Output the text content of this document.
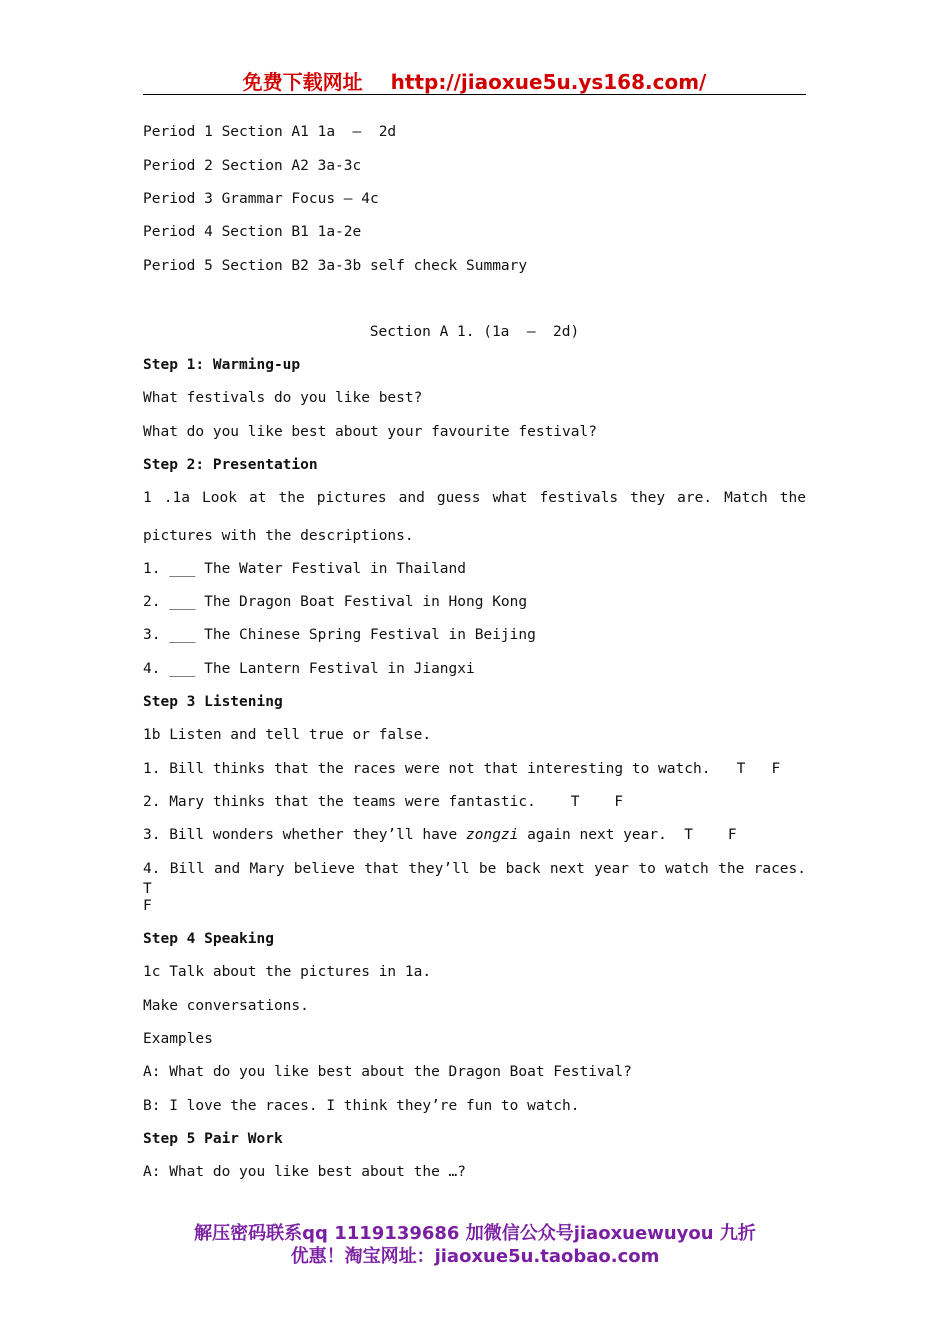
免费下载网址 http://jiaoxue5u.ys168.com/
Period 1 Section A1 1a  –  2d
Period 2 Section A2 3a-3c
Period 3 Grammar Focus – 4c
Period 4 Section B1 1a-2e
Period 5 Section B2 3a-3b self check Summary
Section A 1. (1a  –  2d)
Step 1: Warming-up
What festivals do you like best?
What do you like best about your favourite festival?
Step 2: Presentation
1 .1a Look at the pictures and guess what festivals they are. Match the
pictures with the descriptions.
1. ___ The Water Festival in Thailand
2. ___ The Dragon Boat Festival in Hong Kong
3. ___ The Chinese Spring Festival in Beijing
4. ___ The Lantern Festival in Jiangxi
Step 3 Listening
1b Listen and tell true or false.
1. Bill thinks that the races were not that interesting to watch.   T   F
2. Mary thinks that the teams were fantastic.    T    F
3. Bill wonders whether they’ll have zongzi again next year.  T    F
4. Bill and Mary believe that they’ll be back next year to watch the races. T
F
Step 4 Speaking
1c Talk about the pictures in 1a.
Make conversations.
Examples
A: What do you like best about the Dragon Boat Festival?
B: I love the races. I think they’re fun to watch.
Step 5 Pair Work
A: What do you like best about the …?
解压密码联系qq 1119139686 加微信公众号jiaoxuewuyou 九折
优惠！淘宝网址：jiaoxue5u.taobao.com
